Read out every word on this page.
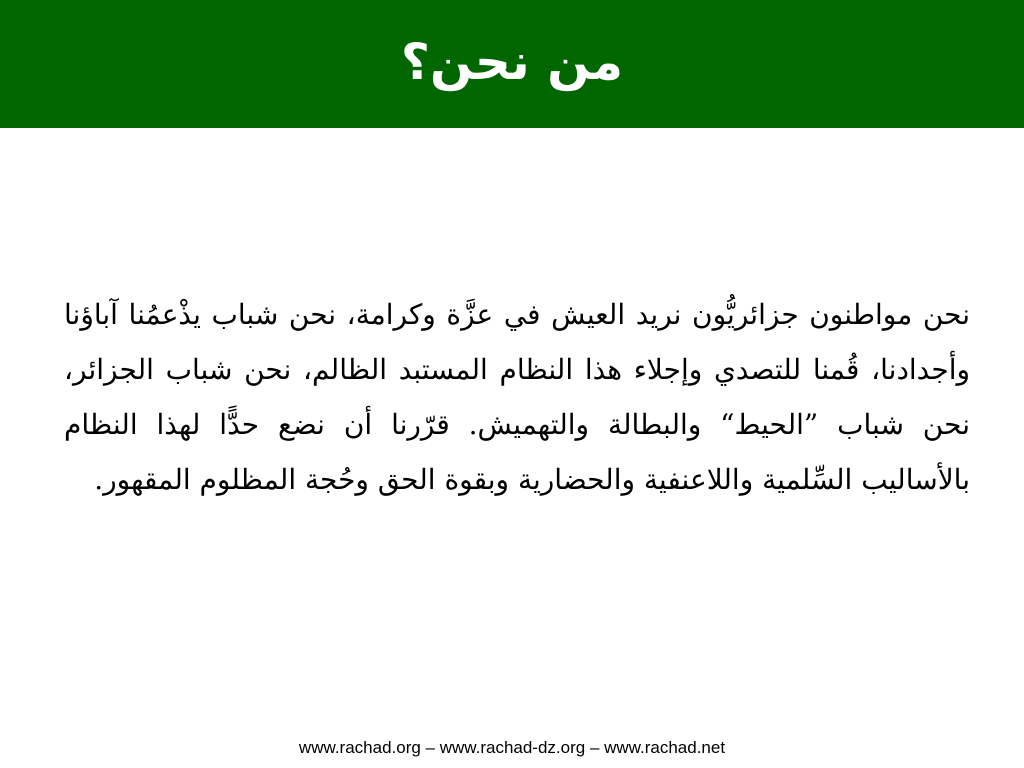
من نحن؟

نحن مواطنون جزائريُّون نريد العيش في عزَّة وكرامة، نحن شباب يذْعمُنا آباؤنا وأجدادنا، قُمنا للتصدي وإجلاء هذا النظام المستبد الظالم، نحن شباب الجزائر، نحن شباب ”الحيط“ والبطالة والتهميش. قرّرنا أن نضع حدًّا لهذا النظام بالأساليب السِّلمية واللاعنفية والحضارية وبقوة الحق وحُجة المظلوم المقهور.

www.rachad.org – www.rachad-dz.org – www.rachad.net
